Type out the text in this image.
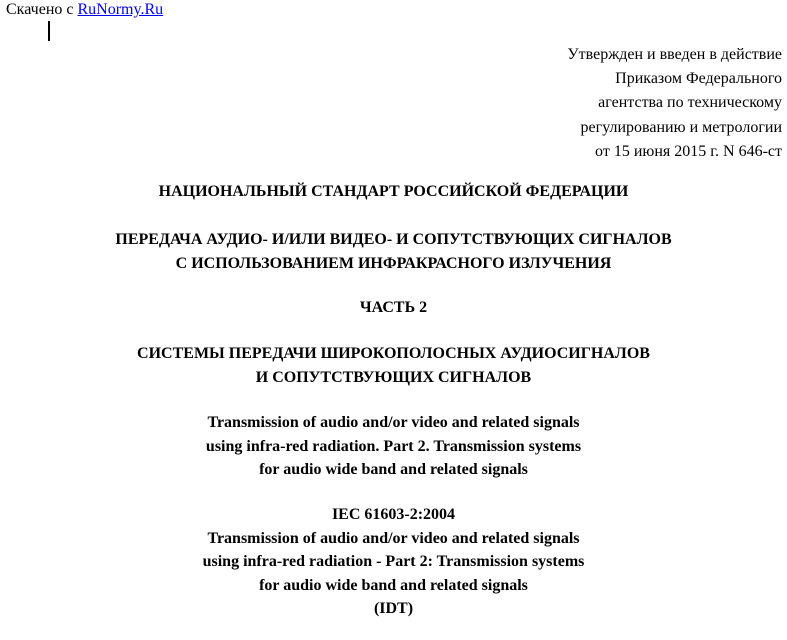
Скачено с RuNormy.Ru
Утвержден и введен в действие
Приказом Федерального
агентства по техническому
регулированию и метрологии
от 15 июня 2015 г. N 646-ст
НАЦИОНАЛЬНЫЙ СТАНДАРТ РОССИЙСКОЙ ФЕДЕРАЦИИ
ПЕРЕДАЧА АУДИО- И/ИЛИ ВИДЕО- И СОПУТСТВУЮЩИХ СИГНАЛОВ
С ИСПОЛЬЗОВАНИЕМ ИНФРАКРАСНОГО ИЗЛУЧЕНИЯ
ЧАСТЬ 2
СИСТЕМЫ ПЕРЕДАЧИ ШИРОКОПОЛОСНЫХ АУДИОСИГНАЛОВ
И СОПУТСТВУЮЩИХ СИГНАЛОВ
Transmission of audio and/or video and related signals
using infra-red radiation. Part 2. Transmission systems
for audio wide band and related signals
IEC 61603-2:2004
Transmission of audio and/or video and related signals
using infra-red radiation - Part 2: Transmission systems
for audio wide band and related signals
(IDT)
